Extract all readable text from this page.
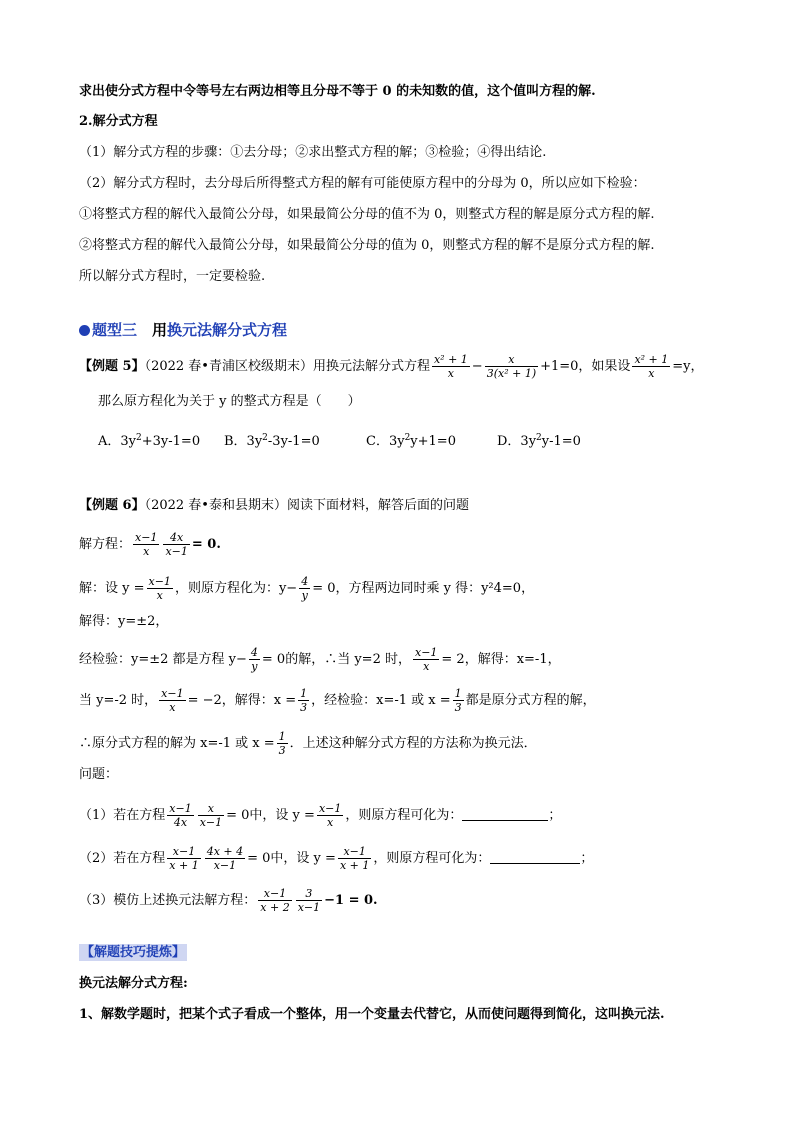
求出使分式方程中令等号左右两边相等且分母不等于 0 的未知数的值，这个值叫方程的解.
2.解分式方程
（1）解分式方程的步骤：①去分母；②求出整式方程的解；③检验；④得出结论.
（2）解分式方程时，去分母后所得整式方程的解有可能使原方程中的分母为 0，所以应如下检验：
①将整式方程的解代入最简公分母，如果最简公分母的值不为 0，则整式方程的解是原分式方程的解.
②将整式方程的解代入最简公分母，如果最简公分母的值为 0，则整式方程的解不是原分式方程的解.
所以解分式方程时，一定要检验.
题型三　 用换元法解分式方程
【例题 5】（2022 春•青浦区校级期末）用换元法解分式方程 $\frac{\text{x² + 1}}{x} - \frac{x}{\text{3(x² + 1)}} +1=0$，如果设 $\frac{\text{x² + 1}}{x} =y$，
那么原方程化为关于 y 的整式方程是（　　）
A．$3y^2+3y-1=0$ B．$3y^2-3y-1=0$	C．$3y^2y+1=0$	D．$3y^2y-1=0$
【例题 6】（2022 春•泰和县期末）阅读下面材料，解答后面的问题
解方程： $\frac{x-1}{x} \frac{4x}{x-1} = 0$.
解：设 $y = \frac{x-1}{x}$ ，则原方程化为：$y- \frac{4}{y} = 0$，方程两边同时乘 y 得：y²4=0，
解得：y=±2，
经检验：y=±2 都是方程 $y- \frac{4}{y} = 0$的解，∴当 y=2 时， $\frac{x-1}{x} = 2$，解得：x=-1，
当 y=-2 时， $\frac{x-1}{x} = -2$，解得：$x = \frac{1}{3}$ ，经检验：x=-1 或 $x = \frac{1}{3}$ 都是原分式方程的解，
∴原分式方程的解为 x=-1 或 $x = \frac{1}{3}$ ．上述这种解分式方程的方法称为换元法．
问题：
（1）若在方程 $\frac{x-1}{4x} \frac{x}{x-1} = 0$中，设 $y = \frac{x-1}{x}$ ，则原方程可化为：	；
（2）若在方程 $\frac{x-1}{x + 1} \frac{4x + 4}{x-1} = 0$中，设 $y = \frac{x-1}{x + 1}$ ，则原方程可化为：	；
（3）模仿上述换元法解方程： $\frac{x-1}{x + 2} \frac{3}{x-1} -1 = 0$.
【解题技巧提炼】
换元法解分式方程:
1、解数学题时，把某个式子看成一个整体，用一个变量去代替它，从而使问题得到简化，这叫换元法.
